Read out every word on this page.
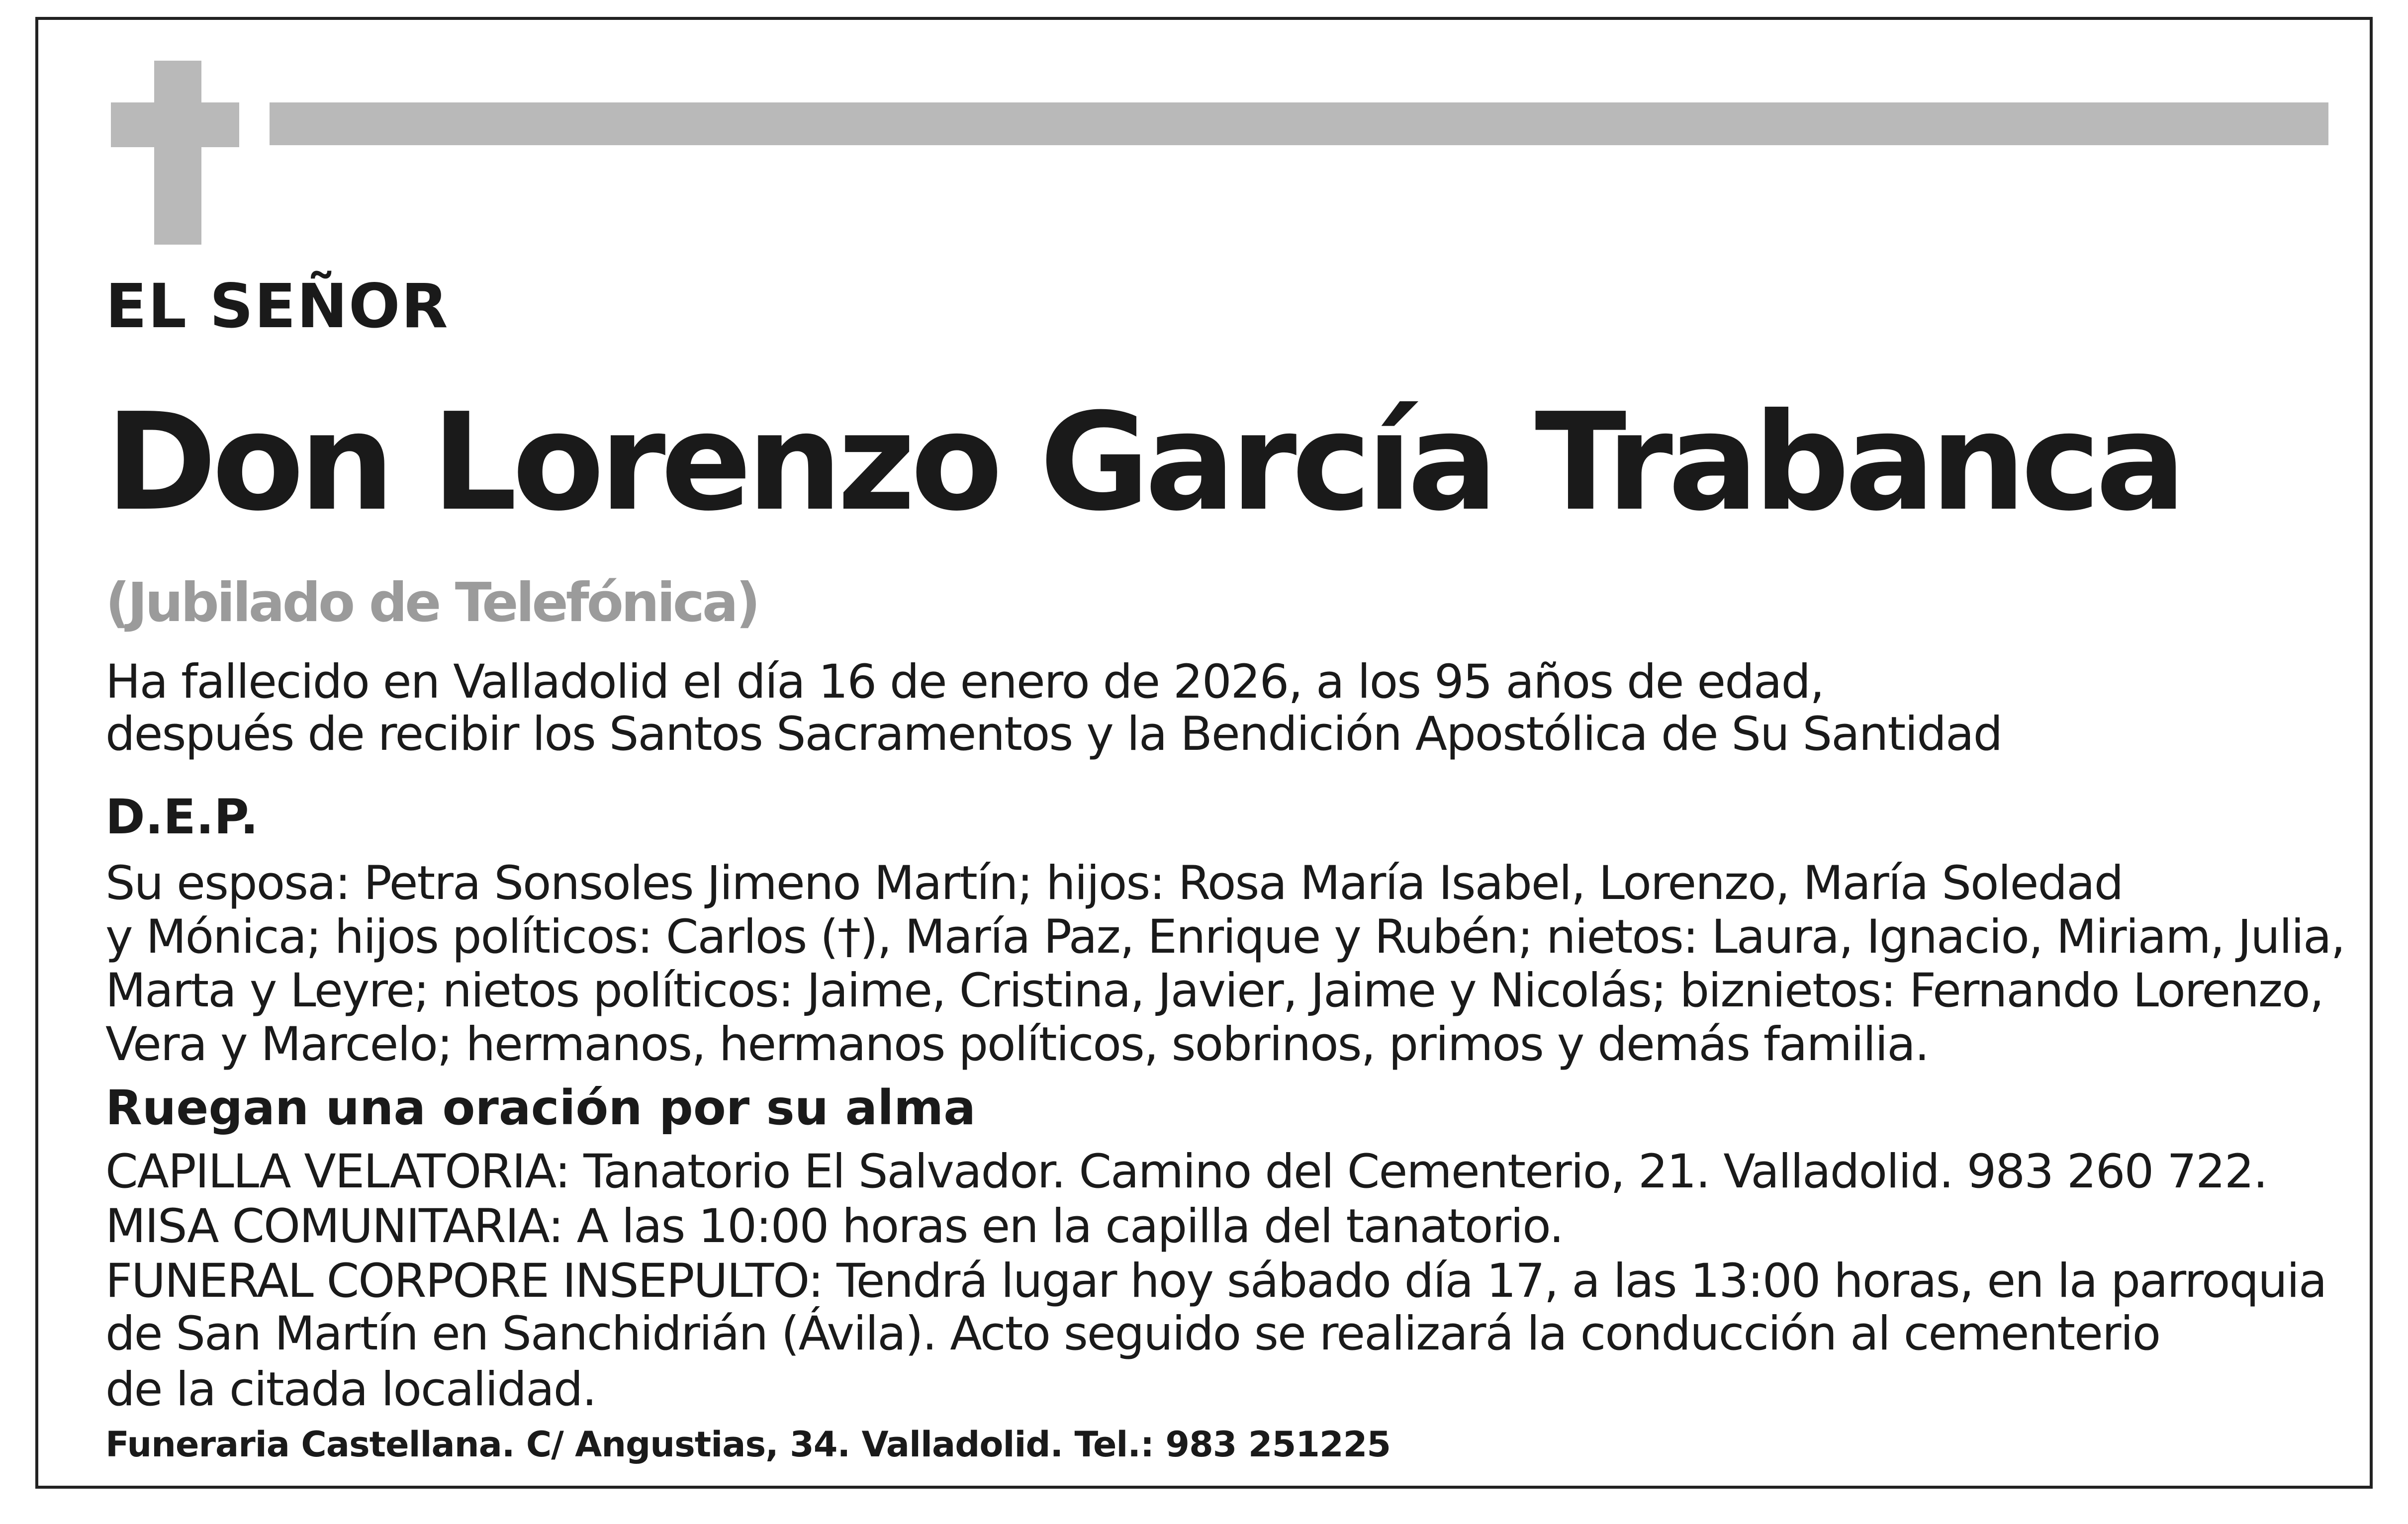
EL SEÑOR
Don Lorenzo García Trabanca
(Jubilado de Telefónica)
Ha fallecido en Valladolid el día 16 de enero de 2026, a los 95 años de edad,
después de recibir los Santos Sacramentos y la Bendición Apostólica de Su Santidad
D.E.P.
Su esposa: Petra Sonsoles Jimeno Martín; hijos: Rosa María Isabel, Lorenzo, María Soledad
y Mónica; hijos políticos: Carlos (†), María Paz, Enrique y Rubén; nietos: Laura, Ignacio, Miriam, Julia,
Marta y Leyre; nietos políticos: Jaime, Cristina, Javier, Jaime y Nicolás; biznietos: Fernando Lorenzo,
Vera y Marcelo; hermanos, hermanos políticos, sobrinos, primos y demás familia.
Ruegan una oración por su alma
CAPILLA VELATORIA: Tanatorio El Salvador. Camino del Cementerio, 21. Valladolid. 983 260 722.
MISA COMUNITARIA: A las 10:00 horas en la capilla del tanatorio.
FUNERAL CORPORE INSEPULTO: Tendrá lugar hoy sábado día 17, a las 13:00 horas, en la parroquia
de San Martín en Sanchidrián (Ávila). Acto seguido se realizará la conducción al cementerio
de la citada localidad.
Funeraria Castellana. C/ Angustias, 34. Valladolid. Tel.: 983 251225
